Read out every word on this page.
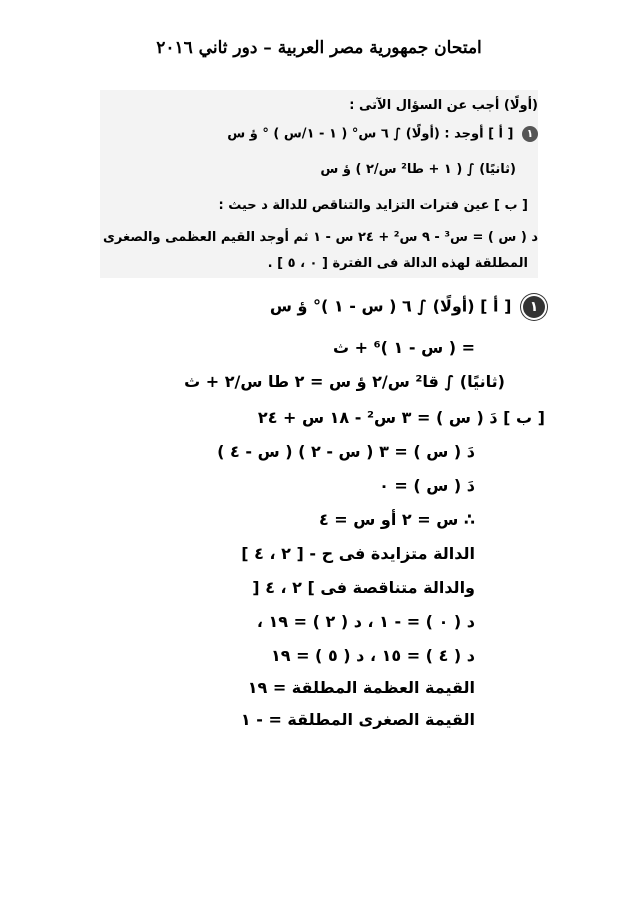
امتحان جمهورية مصر العربية – دور ثاني ٢٠١٦
(أولًا) أجب عن السؤال الآتى :
١ [ أ ] أوجد : (أولًا) ∫ ٦ س° ( ١ - ١/س ) ° ؤ س
(ثانيًا) ∫ ( ١ + طا² س/٢ ) ؤ س
[ ب ] عين فترات التزايد والتناقص للدالة د حيث :
د ( س ) = س³ - ٩ س² + ٢٤ س - ١ ثم أوجد القيم العظمى والصغرى
المطلقة لهذه الدالة فى الفترة [ ٠ ، ٥ ] .
١ [ أ ] (أولًا) ∫ ٦ ( س - ١ )° ؤ س
= ( س - ١ )⁶ + ث
(ثانيًا) ∫ قا² س/٢ ؤ س = ٢ طا س/٢ + ث
[ ب ] دَ ( س ) = ٣ س² - ١٨ س + ٢٤
دَ ( س ) = ٣ ( س - ٢ ) ( س - ٤ )
دَ ( س ) = ٠
∴ س = ٢ أو س = ٤
الدالة متزايدة فى ح - [ ٢ ، ٤ ]
والدالة متناقصة فى ] ٢ ، ٤ [
د ( ٠ ) = - ١ ، د ( ٢ ) = ١٩ ،
د ( ٤ ) = ١٥ ، د ( ٥ ) = ١٩
القيمة العظمة المطلقة = ١٩
القيمة الصغرى المطلقة = - ١
